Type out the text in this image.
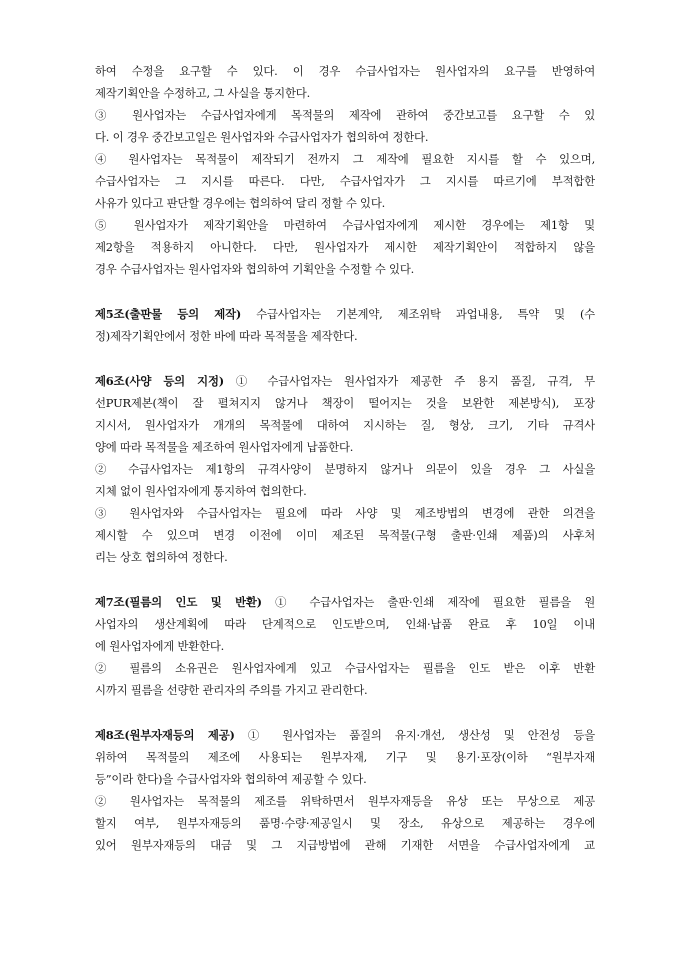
하여 수정을 요구할 수 있다. 이 경우 수급사업자는 원사업자의 요구를 반영하여
제작기획안을 수정하고, 그 사실을 통지한다.
③ 원사업자는 수급사업자에게 목적물의 제작에 관하여 중간보고를 요구할 수 있
다. 이 경우 중간보고일은 원사업자와 수급사업자가 협의하여 정한다.
④ 원사업자는 목적물이 제작되기 전까지 그 제작에 필요한 지시를 할 수 있으며,
수급사업자는 그 지시를 따른다. 다만, 수급사업자가 그 지시를 따르기에 부적합한
사유가 있다고 판단할 경우에는 협의하여 달리 정할 수 있다.
⑤ 원사업자가 제작기획안을 마련하여 수급사업자에게 제시한 경우에는 제1항 및
제2항을 적용하지 아니한다. 다만, 원사업자가 제시한 제작기획안이 적합하지 않을
경우 수급사업자는 원사업자와 협의하여 기획안을 수정할 수 있다.
제5조(출판물 등의 제작) 수급사업자는 기본계약, 제조위탁 과업내용, 특약 및 (수
정)제작기획안에서 정한 바에 따라 목적물을 제작한다.
제6조(사양 등의 지정) ① 수급사업자는 원사업자가 제공한 주 용지 품질, 규격, 무
선PUR제본(책이 잘 펼쳐지지 않거나 책장이 떨어지는 것을 보완한 제본방식), 포장
지시서, 원사업자가 개개의 목적물에 대하여 지시하는 질, 형상, 크기, 기타 규격사
양에 따라 목적물을 제조하여 원사업자에게 납품한다.
② 수급사업자는 제1항의 규격사양이 분명하지 않거나 의문이 있을 경우 그 사실을
지체 없이 원사업자에게 통지하여 협의한다.
③ 원사업자와 수급사업자는 필요에 따라 사양 및 제조방법의 변경에 관한 의견을
제시할 수 있으며 변경 이전에 이미 제조된 목적물(구형 출판·인쇄 제품)의 사후처
리는 상호 협의하여 정한다.
제7조(필름의 인도 및 반환) ① 수급사업자는 출판·인쇄 제작에 필요한 필름을 원
사업자의 생산계획에 따라 단계적으로 인도받으며, 인쇄·납품 완료 후 10일 이내
에 원사업자에게 반환한다.
② 필름의 소유권은 원사업자에게 있고 수급사업자는 필름을 인도 받은 이후 반환
시까지 필름을 선량한 관리자의 주의를 가지고 관리한다.
제8조(원부자재등의 제공) ① 원사업자는 품질의 유지·개선, 생산성 및 안전성 등을
위하여 목적물의 제조에 사용되는 원부자재, 기구 및 용기·포장(이하 “원부자재
등”이라 한다)을 수급사업자와 협의하여 제공할 수 있다.
② 원사업자는 목적물의 제조를 위탁하면서 원부자재등을 유상 또는 무상으로 제공
할지 여부, 원부자재등의 품명·수량·제공일시 및 장소, 유상으로 제공하는 경우에
있어 원부자재등의 대금 및 그 지급방법에 관해 기재한 서면을 수급사업자에게 교
